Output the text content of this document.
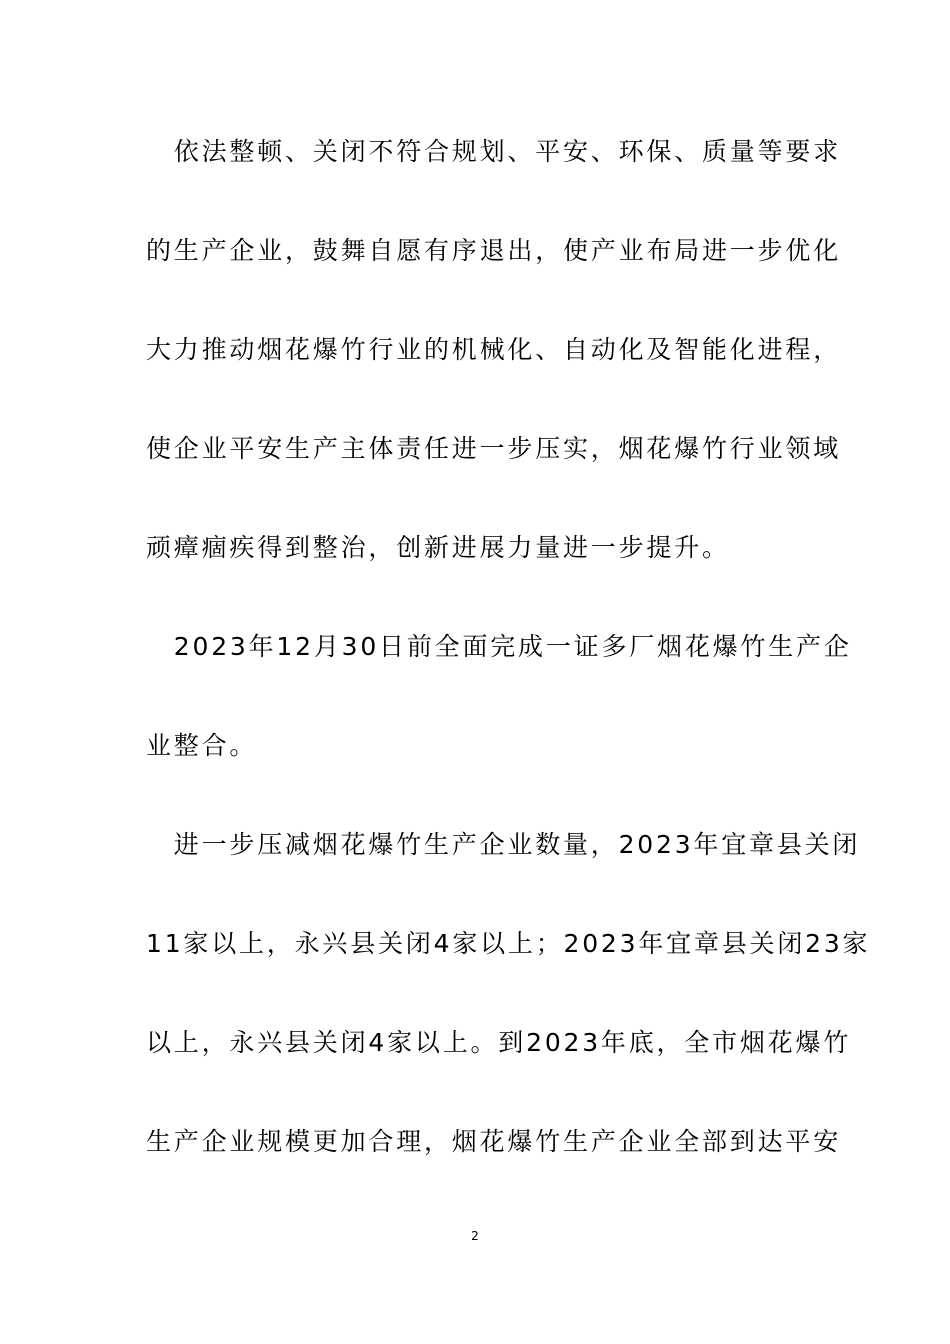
　依法整顿、关闭不符合规划、平安、环保、质量等要求
的生产企业，鼓舞自愿有序退出，使产业布局进一步优化
大力推动烟花爆竹行业的机械化、自动化及智能化进程，
使企业平安生产主体责任进一步压实，烟花爆竹行业领域
顽瘴痼疾得到整治，创新进展力量进一步提升。
　2023年12月30日前全面完成一证多厂烟花爆竹生产企
业整合。
　进一步压减烟花爆竹生产企业数量，2023年宜章县关闭
11家以上，永兴县关闭4家以上；2023年宜章县关闭23家
以上，永兴县关闭4家以上。到2023年底，全市烟花爆竹
生产企业规模更加合理，烟花爆竹生产企业全部到达平安
2
